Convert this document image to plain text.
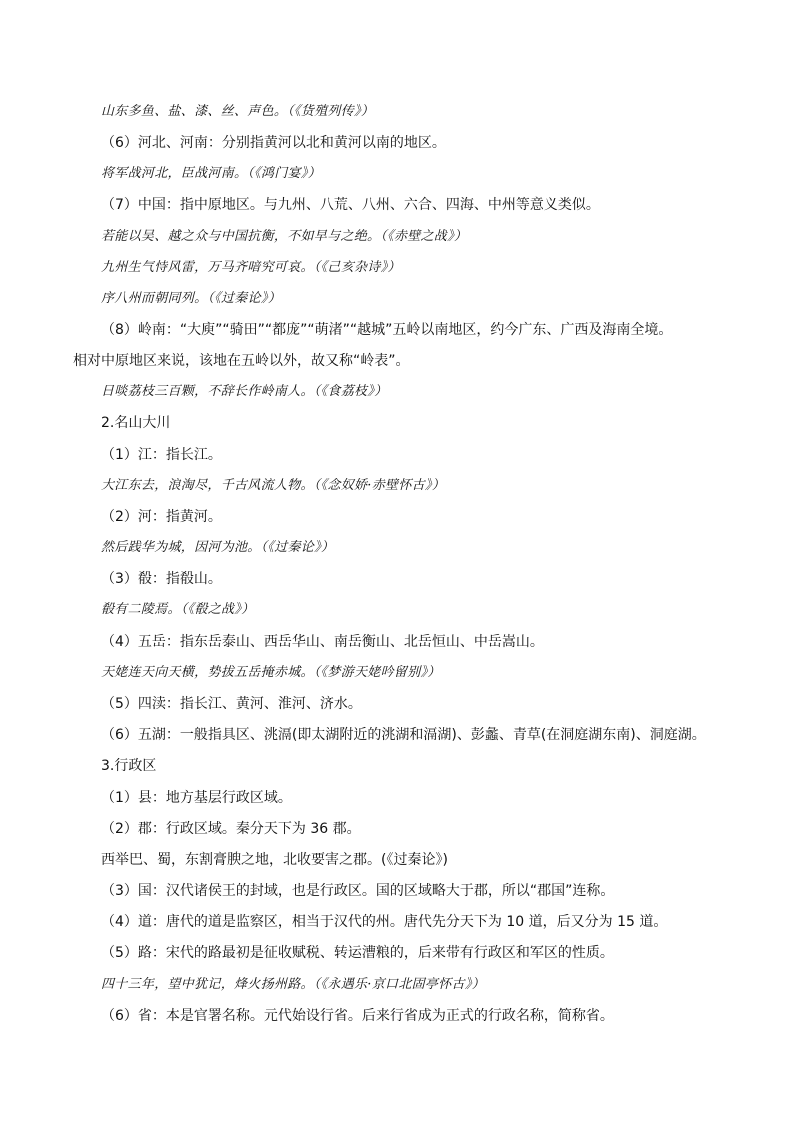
山东多鱼、盐、漆、丝、声色。（《货殖列传》）
（6）河北、河南：分别指黄河以北和黄河以南的地区。
将军战河北，臣战河南。（《鸿门宴》）
（7）中国：指中原地区。与九州、八荒、八州、六合、四海、中州等意义类似。
若能以吴、越之众与中国抗衡，不如早与之绝。（《赤壁之战》）
九州生气恃风雷，万马齐喑究可哀。（《己亥杂诗》）
序八州而朝同列。（《过秦论》）
（8）岭南：“大庾”“骑田”“都庞”“萌渚”“越城”五岭以南地区，约今广东、广西及海南全境。
相对中原地区来说，该地在五岭以外，故又称“岭表”。
日啖荔枝三百颗，不辞长作岭南人。（《食荔枝》）
2.名山大川
（1）江：指长江。
大江东去，浪淘尽，千古风流人物。（《念奴娇·赤壁怀古》）
（2）河：指黄河。
然后践华为城，因河为池。（《过秦论》）
（3）殽：指殽山。
殽有二陵焉。（《殽之战》）
（4）五岳：指东岳泰山、西岳华山、南岳衡山、北岳恒山、中岳嵩山。
天姥连天向天横，势拔五岳掩赤城。（《梦游天姥吟留别》）
（5）四渎：指长江、黄河、淮河、济水。
（6）五湖：一般指具区、洮滆(即太湖附近的洮湖和滆湖)、彭蠡、青草(在洞庭湖东南)、洞庭湖。
3.行政区
（1）县：地方基层行政区域。
（2）郡：行政区域。秦分天下为 36 郡。
西举巴、蜀，东割膏腴之地，北收要害之郡。(《过秦论》)
（3）国：汉代诸侯王的封域，也是行政区。国的区域略大于郡，所以“郡国”连称。
（4）道：唐代的道是监察区，相当于汉代的州。唐代先分天下为 10 道，后又分为 15 道。
（5）路：宋代的路最初是征收赋税、转运漕粮的，后来带有行政区和军区的性质。
四十三年，望中犹记，烽火扬州路。（《永遇乐·京口北固亭怀古》）
（6）省：本是官署名称。元代始设行省。后来行省成为正式的行政名称，简称省。
